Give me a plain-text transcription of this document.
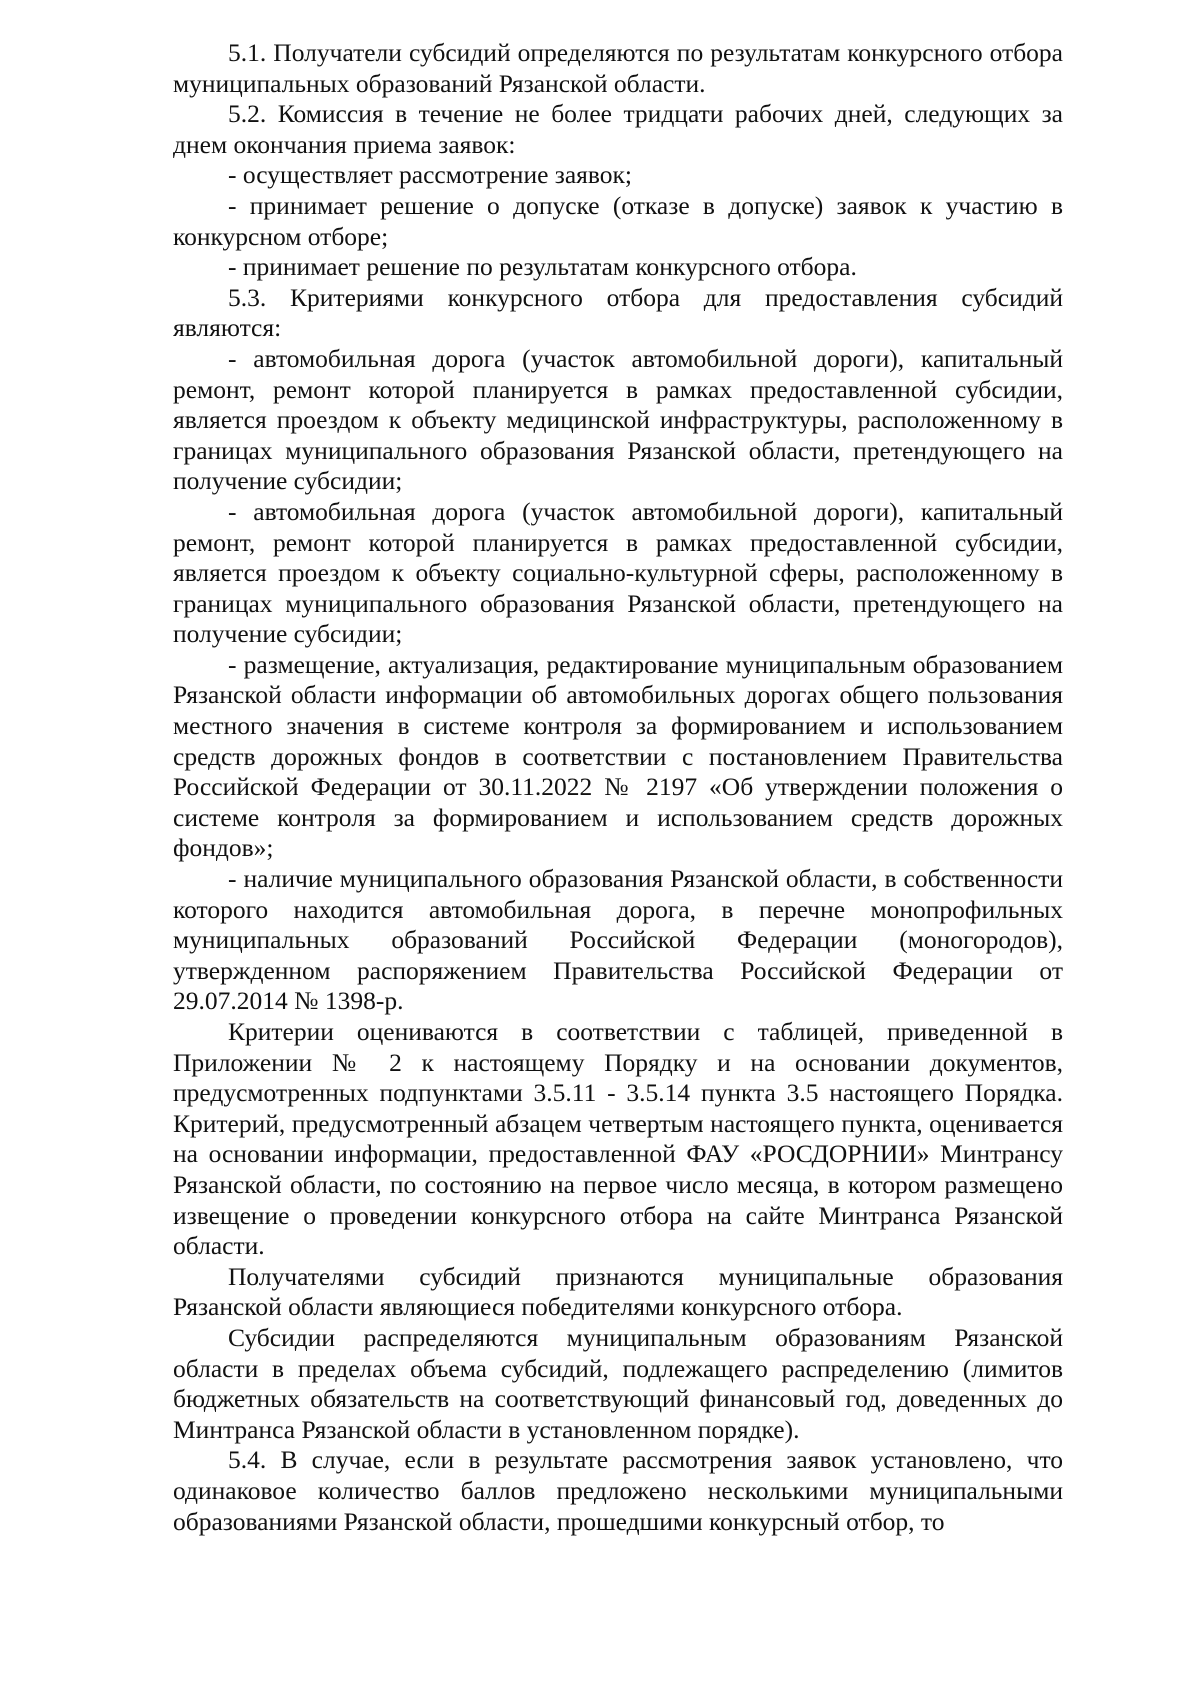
5.1. Получатели субсидий определяются по результатам конкурсного отбора муниципальных образований Рязанской области.

5.2. Комиссия в течение не более тридцати рабочих дней, следующих за днем окончания приема заявок:

- осуществляет рассмотрение заявок;

- принимает решение о допуске (отказе в допуске) заявок к участию в конкурсном отборе;

- принимает решение по результатам конкурсного отбора.

5.3. Критериями конкурсного отбора для предоставления субсидий являются:

- автомобильная дорога (участок автомобильной дороги), капитальный ремонт, ремонт которой планируется в рамках предоставленной субсидии, является проездом к объекту медицинской инфраструктуры, расположенному в границах муниципального образования Рязанской области, претендующего на получение субсидии;

- автомобильная дорога (участок автомобильной дороги), капитальный ремонт, ремонт которой планируется в рамках предоставленной субсидии, является проездом к объекту социально-культурной сферы, расположенному в границах муниципального образования Рязанской области, претендующего на получение субсидии;

- размещение, актуализация, редактирование муниципальным образованием Рязанской области информации об автомобильных дорогах общего пользования местного значения в системе контроля за формированием и использованием средств дорожных фондов в соответствии с постановлением Правительства Российской Федерации от 30.11.2022 № 2197 «Об утверждении положения о системе контроля за формированием и использованием средств дорожных фондов»;

- наличие муниципального образования Рязанской области, в собственности которого находится автомобильная дорога, в перечне монопрофильных муниципальных образований Российской Федерации (моногородов), утвержденном распоряжением Правительства Российской Федерации от 29.07.2014 № 1398-р.

Критерии оцениваются в соответствии с таблицей, приведенной в Приложении № 2 к настоящему Порядку и на основании документов, предусмотренных подпунктами 3.5.11 - 3.5.14 пункта 3.5 настоящего Порядка. Критерий, предусмотренный абзацем четвертым настоящего пункта, оценивается на основании информации, предоставленной ФАУ «РОСДОРНИИ» Минтрансу Рязанской области, по состоянию на первое число месяца, в котором размещено извещение о проведении конкурсного отбора на сайте Минтранса Рязанской области.

Получателями субсидий признаются муниципальные образования Рязанской области являющиеся победителями конкурсного отбора.

Субсидии распределяются муниципальным образованиям Рязанской области в пределах объема субсидий, подлежащего распределению (лимитов бюджетных обязательств на соответствующий финансовый год, доведенных до Минтранса Рязанской области в установленном порядке).

5.4. В случае, если в результате рассмотрения заявок установлено, что одинаковое количество баллов предложено несколькими муниципальными образованиями Рязанской области, прошедшими конкурсный отбор, то
